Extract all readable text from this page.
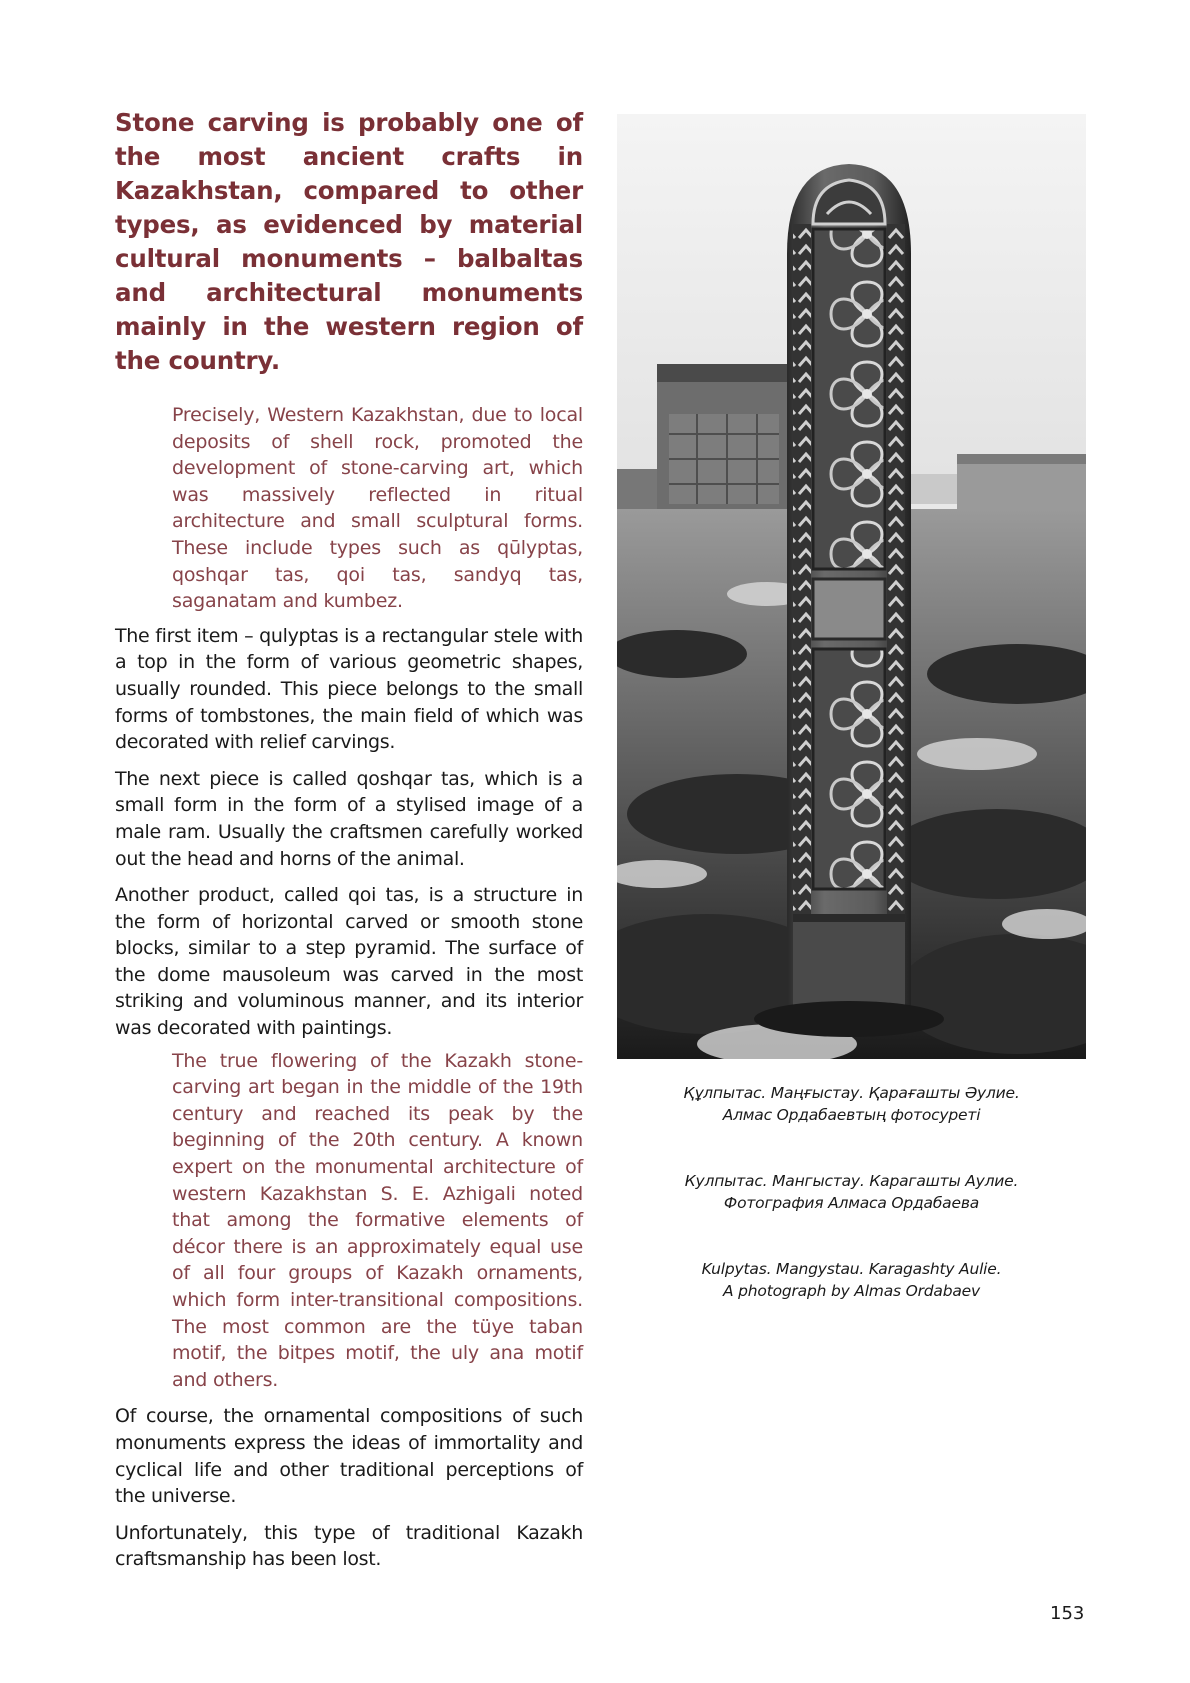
Stone carving is probably one of the most ancient crafts in Kazakhstan, compared to other types, as evidenced by material cultural monuments – balbaltas and architectural monuments mainly in the western region of the country.

Precisely, Western Kazakhstan, due to local deposits of shell rock, promoted the development of stone-carving art, which was massively reflected in ritual architecture and small sculptural forms. These include types such as qūlyptas, qoshqar tas, qoi tas, sandyq tas, saganatam and kumbez.

The first item – qulyptas is a rectangular stele with a top in the form of various geometric shapes, usually rounded. This piece belongs to the small forms of tombstones, the main field of which was decorated with relief carvings.

The next piece is called qoshqar tas, which is a small form in the form of a stylised image of a male ram. Usually the craftsmen carefully worked out the head and horns of the animal.

Another product, called qoi tas, is a structure in the form of horizontal carved or smooth stone blocks, similar to a step pyramid. The surface of the dome mausoleum was carved in the most striking and voluminous manner, and its interior was decorated with paintings.

The true flowering of the Kazakh stone-carving art began in the middle of the 19th century and reached its peak by the beginning of the 20th century. A known expert on the monumental architecture of western Kazakhstan S. E. Azhigali noted that among the formative elements of décor there is an approximately equal use of all four groups of Kazakh ornaments, which form inter-transitional compositions. The most common are the tüye taban motif, the bitpes motif, the uly ana motif and others.

Of course, the ornamental compositions of such monuments express the ideas of immortality and cyclical life and other traditional perceptions of the universe.

Unfortunately, this type of traditional Kazakh craftsmanship has been lost.

Құлпытас. Маңғыстау. Қарағашты Әулие.
Алмас Ордабаевтың фотосуреті
Кулпытас. Мангыстау. Карагашты Аулие.
Фотография Алмаса Ордабаева
Kulpytas. Mangystau. Karagashty Aulie.
A photograph by Almas Ordabaev
153
